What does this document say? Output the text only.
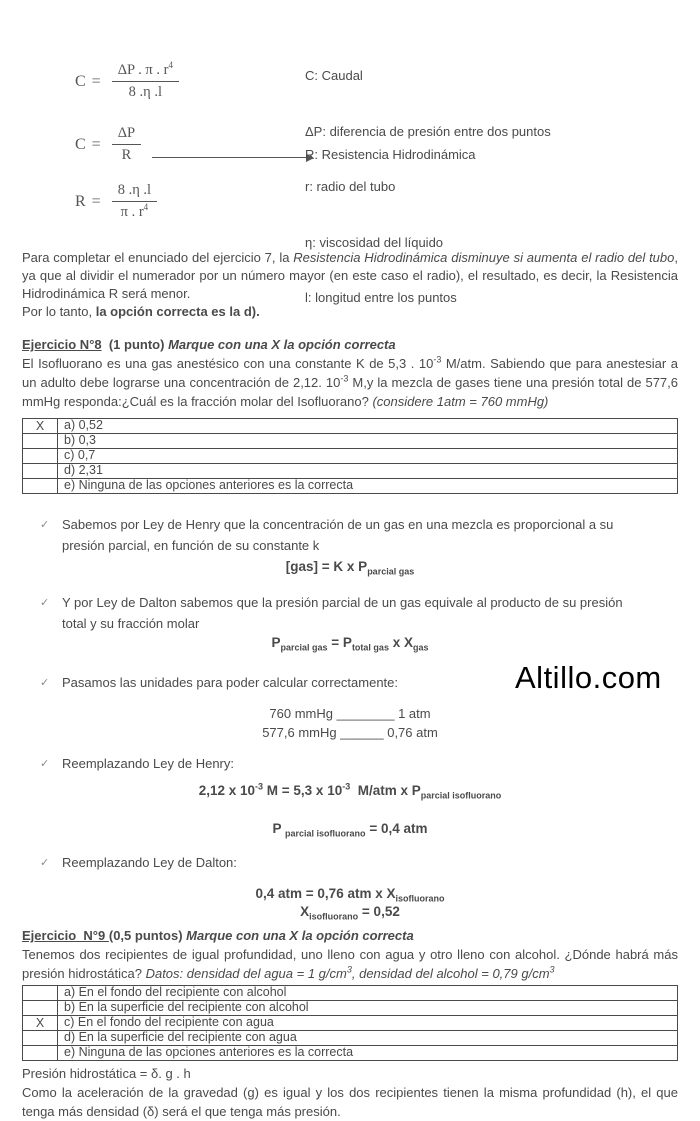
C: Caudal

ΔP: diferencia de presión entre dos puntos

r: radio del tubo

η: viscosidad del líquido

l: longitud entre los puntos

$C = \frac{\Delta P . \pi . r^4}{8 .\eta .l}$
$C = \frac{\Delta P}{R}$	R: Resistencia Hidrodinámica
$R = \frac{8 .\eta .l}{\pi . r^4}$

Para completar el enunciado del ejercicio 7, la Resistencia Hidrodinámica disminuye si aumenta el radio del tubo, ya que al dividir el numerador por un número mayor (en este caso el radio), el resultado, es decir, la Resistencia Hidrodinámica R será menor.

Por lo tanto, la opción correcta es la d).

Ejercicio N°8  (1 punto) Marque con una X la opción correcta

El Isofluorano es una gas anestésico con una constante K de 5,3 . $10^{-3}$ M/atm. Sabiendo que para anestesiar a un adulto debe lograrse una concentración de 2,12. $10^{-3}$ M,y la mezcla de gases tiene una presión total de 577,6 mmHg responda:¿Cuál es la fracción molar del Isofluorano? (considere 1atm = 760 mmHg)

X	a) 0,52
	b) 0,3
	c) 0,7
	d) 2,31
	e) Ninguna de las opciones anteriores es la correcta
✓ Sabemos por Ley de Henry que la concentración de un gas en una mezcla es proporcional a su presión parcial, en función de su constante k

[gas] = K x $P_{parcial gas}$

✓ Y por Ley de Dalton sabemos que la presión parcial de un gas equivale al producto de su presión total y su fracción molar

$P_{parcial gas} = P_{total gas}$ x $X_{gas}$

✓ Pasamos las unidades para poder calcular correctamente:

760 mmHg ________ 1 atm

577,6 mmHg ______ 0,76 atm

✓ Reemplazando Ley de Henry:

2,12 x $10^{-3}$ M = 5,3 x $10^{-3}$  M/atm x $P_{parcial isofluorano}$

P $_{parcial isofluorano}$ = 0,4 atm

✓ Reemplazando Ley de Dalton:

0,4 atm = 0,76 atm x $X_{isofluorano}$

$X_{isofluorano} = 0,52$

Altillo.com
Ejercicio  N°9 (0,5 puntos) Marque con una X la opción correcta

Tenemos dos recipientes de igual profundidad, uno lleno con agua y otro lleno con alcohol. ¿Dónde habrá más presión hidrostática? Datos: densidad del agua = 1 $g/cm^3$, densidad del alcohol = 0,79 $g/cm^3$

	a) En el fondo del recipiente con alcohol
	b) En la superficie del recipiente con alcohol
X	c) En el fondo del recipiente con agua
	d) En la superficie del recipiente con agua
	e) Ninguna de las opciones anteriores es la correcta

Presión hidrostática = δ. g . h

Como la aceleración de la gravedad (g) es igual y los dos recipientes tienen la misma profundidad (h), el que tenga más densidad (δ) será el que tenga más presión.
